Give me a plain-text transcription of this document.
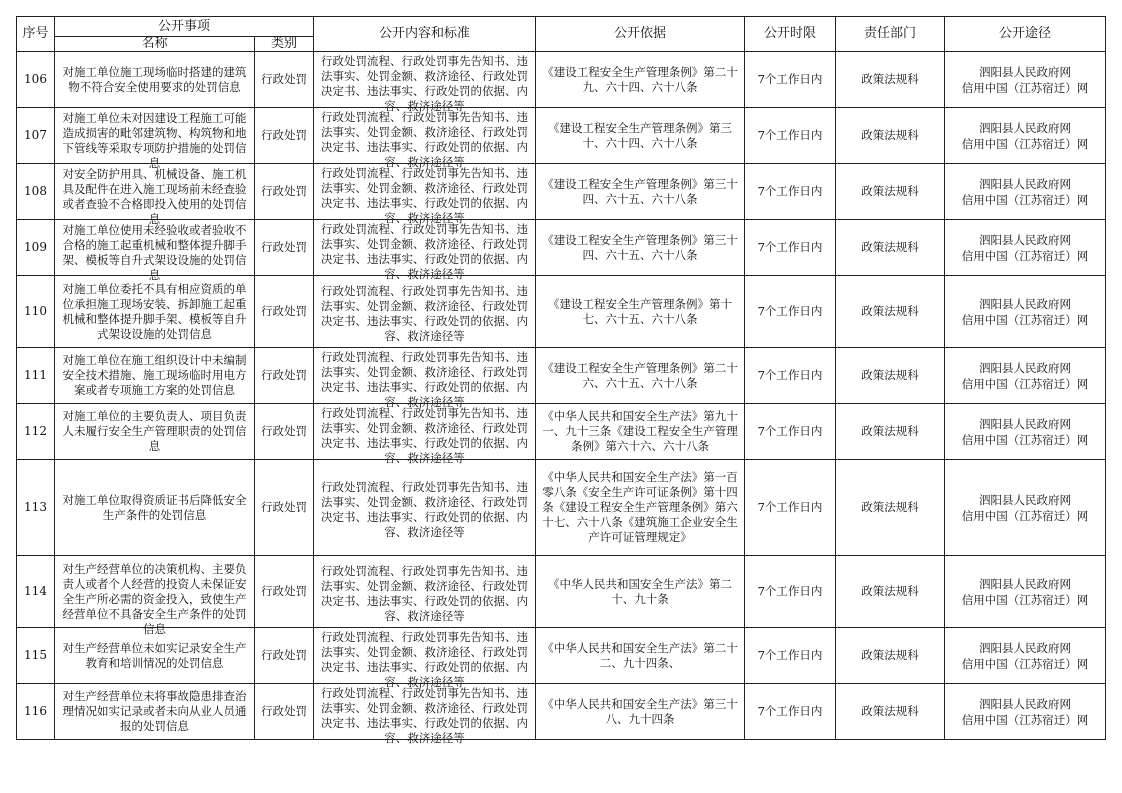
序号	公开事项		公开内容和标准	公开依据	公开时限	责任部门	公开途径
	名称	类别					

106	对施工单位施工现场临时搭建的建筑物不符合安全使用要求的处罚信息	行政处罚	行政处罚流程、行政处罚事先告知书、违法事实、处罚金额、救济途径、行政处罚决定书、违法事实、行政处罚的依据、内容、救济途径等	《建设工程安全生产管理条例》第二十九、六十四、六十八条	7个工作日内	政策法规科	泗阳县人民政府网
信用中国（江苏宿迁）网

107	对施工单位未对因建设工程施工可能造成损害的毗邻建筑物、构筑物和地下管线等采取专项防护措施的处罚信息	行政处罚	行政处罚流程、行政处罚事先告知书、违法事实、处罚金额、救济途径、行政处罚决定书、违法事实、行政处罚的依据、内容、救济途径等	《建设工程安全生产管理条例》第三十、六十四、六十八条	7个工作日内	政策法规科	泗阳县人民政府网
信用中国（江苏宿迁）网

108	对安全防护用具、机械设备、施工机具及配件在进入施工现场前未经查验或者查验不合格即投入使用的处罚信息	行政处罚	行政处罚流程、行政处罚事先告知书、违法事实、处罚金额、救济途径、行政处罚决定书、违法事实、行政处罚的依据、内容、救济途径等	《建设工程安全生产管理条例》第三十四、六十五、六十八条	7个工作日内	政策法规科	泗阳县人民政府网
信用中国（江苏宿迁）网

109	对施工单位使用未经验收或者验收不合格的施工起重机械和整体提升脚手架、模板等自升式架设设施的处罚信息	行政处罚	行政处罚流程、行政处罚事先告知书、违法事实、处罚金额、救济途径、行政处罚决定书、违法事实、行政处罚的依据、内容、救济途径等	《建设工程安全生产管理条例》第三十四、六十五、六十八条	7个工作日内	政策法规科	泗阳县人民政府网
信用中国（江苏宿迁）网

110	对施工单位委托不具有相应资质的单位承担施工现场安装、拆卸施工起重机械和整体提升脚手架、模板等自升式架设设施的处罚信息	行政处罚	行政处罚流程、行政处罚事先告知书、违法事实、处罚金额、救济途径、行政处罚决定书、违法事实、行政处罚的依据、内容、救济途径等	《建设工程安全生产管理条例》第十七、六十五、六十八条	7个工作日内	政策法规科	泗阳县人民政府网
信用中国（江苏宿迁）网

111	对施工单位在施工组织设计中未编制安全技术措施、施工现场临时用电方案或者专项施工方案的处罚信息	行政处罚	行政处罚流程、行政处罚事先告知书、违法事实、处罚金额、救济途径、行政处罚决定书、违法事实、行政处罚的依据、内容、救济途径等	《建设工程安全生产管理条例》第二十六、六十五、六十八条	7个工作日内	政策法规科	泗阳县人民政府网
信用中国（江苏宿迁）网

112	对施工单位的主要负责人、项目负责人未履行安全生产管理职责的处罚信息	行政处罚	行政处罚流程、行政处罚事先告知书、违法事实、处罚金额、救济途径、行政处罚决定书、违法事实、行政处罚的依据、内容、救济途径等	《中华人民共和国安全生产法》第九十一、九十三条《建设工程安全生产管理条例》第六十六、六十八条	7个工作日内	政策法规科	泗阳县人民政府网
信用中国（江苏宿迁）网

113	对施工单位取得资质证书后降低安全生产条件的处罚信息	行政处罚	行政处罚流程、行政处罚事先告知书、违法事实、处罚金额、救济途径、行政处罚决定书、违法事实、行政处罚的依据、内容、救济途径等	《中华人民共和国安全生产法》第一百零八条《安全生产许可证条例》第十四条《建设工程安全生产管理条例》第六十七、六十八条《建筑施工企业安全生产许可证管理规定》	7个工作日内	政策法规科	泗阳县人民政府网
信用中国（江苏宿迁）网

114	对生产经营单位的决策机构、主要负责人或者个人经营的投资人未保证安全生产所必需的资金投入，致使生产经营单位不具备安全生产条件的处罚信息	行政处罚	行政处罚流程、行政处罚事先告知书、违法事实、处罚金额、救济途径、行政处罚决定书、违法事实、行政处罚的依据、内容、救济途径等	《中华人民共和国安全生产法》第二十、九十条	7个工作日内	政策法规科	泗阳县人民政府网
信用中国（江苏宿迁）网

115	对生产经营单位未如实记录安全生产教育和培训情况的处罚信息	行政处罚	行政处罚流程、行政处罚事先告知书、违法事实、处罚金额、救济途径、行政处罚决定书、违法事实、行政处罚的依据、内容、救济途径等	《中华人民共和国安全生产法》第二十二、九十四条、	7个工作日内	政策法规科	泗阳县人民政府网
信用中国（江苏宿迁）网

116	对生产经营单位未将事故隐患排查治理情况如实记录或者未向从业人员通报的处罚信息	行政处罚	行政处罚流程、行政处罚事先告知书、违法事实、处罚金额、救济途径、行政处罚决定书、违法事实、行政处罚的依据、内容、救济途径等	《中华人民共和国安全生产法》第三十八、九十四条	7个工作日内	政策法规科	泗阳县人民政府网
信用中国（江苏宿迁）网
